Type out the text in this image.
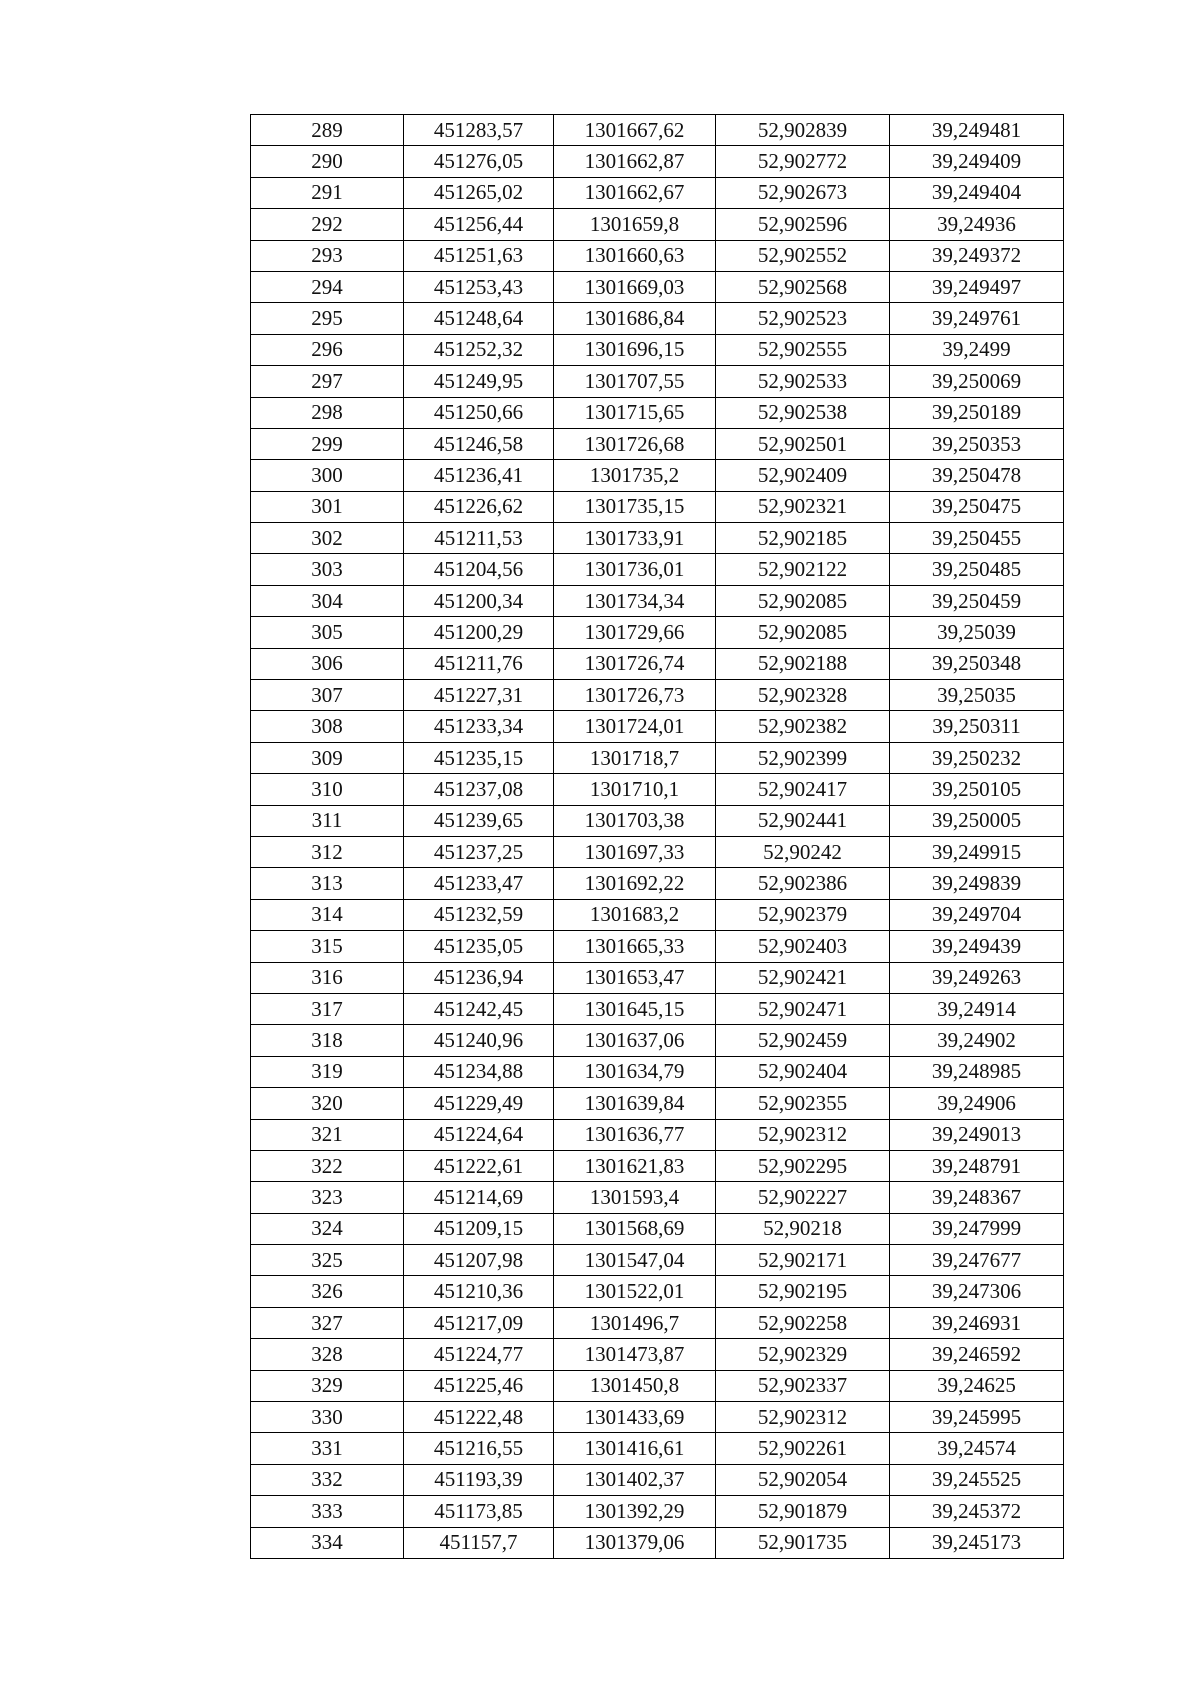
289	451283,57	1301667,62	52,902839	39,249481
290	451276,05	1301662,87	52,902772	39,249409
291	451265,02	1301662,67	52,902673	39,249404
292	451256,44	1301659,8	52,902596	39,24936
293	451251,63	1301660,63	52,902552	39,249372
294	451253,43	1301669,03	52,902568	39,249497
295	451248,64	1301686,84	52,902523	39,249761
296	451252,32	1301696,15	52,902555	39,2499
297	451249,95	1301707,55	52,902533	39,250069
298	451250,66	1301715,65	52,902538	39,250189
299	451246,58	1301726,68	52,902501	39,250353
300	451236,41	1301735,2	52,902409	39,250478
301	451226,62	1301735,15	52,902321	39,250475
302	451211,53	1301733,91	52,902185	39,250455
303	451204,56	1301736,01	52,902122	39,250485
304	451200,34	1301734,34	52,902085	39,250459
305	451200,29	1301729,66	52,902085	39,25039
306	451211,76	1301726,74	52,902188	39,250348
307	451227,31	1301726,73	52,902328	39,25035
308	451233,34	1301724,01	52,902382	39,250311
309	451235,15	1301718,7	52,902399	39,250232
310	451237,08	1301710,1	52,902417	39,250105
311	451239,65	1301703,38	52,902441	39,250005
312	451237,25	1301697,33	52,90242	39,249915
313	451233,47	1301692,22	52,902386	39,249839
314	451232,59	1301683,2	52,902379	39,249704
315	451235,05	1301665,33	52,902403	39,249439
316	451236,94	1301653,47	52,902421	39,249263
317	451242,45	1301645,15	52,902471	39,24914
318	451240,96	1301637,06	52,902459	39,24902
319	451234,88	1301634,79	52,902404	39,248985
320	451229,49	1301639,84	52,902355	39,24906
321	451224,64	1301636,77	52,902312	39,249013
322	451222,61	1301621,83	52,902295	39,248791
323	451214,69	1301593,4	52,902227	39,248367
324	451209,15	1301568,69	52,90218	39,247999
325	451207,98	1301547,04	52,902171	39,247677
326	451210,36	1301522,01	52,902195	39,247306
327	451217,09	1301496,7	52,902258	39,246931
328	451224,77	1301473,87	52,902329	39,246592
329	451225,46	1301450,8	52,902337	39,24625
330	451222,48	1301433,69	52,902312	39,245995
331	451216,55	1301416,61	52,902261	39,24574
332	451193,39	1301402,37	52,902054	39,245525
333	451173,85	1301392,29	52,901879	39,245372
334	451157,7	1301379,06	52,901735	39,245173
